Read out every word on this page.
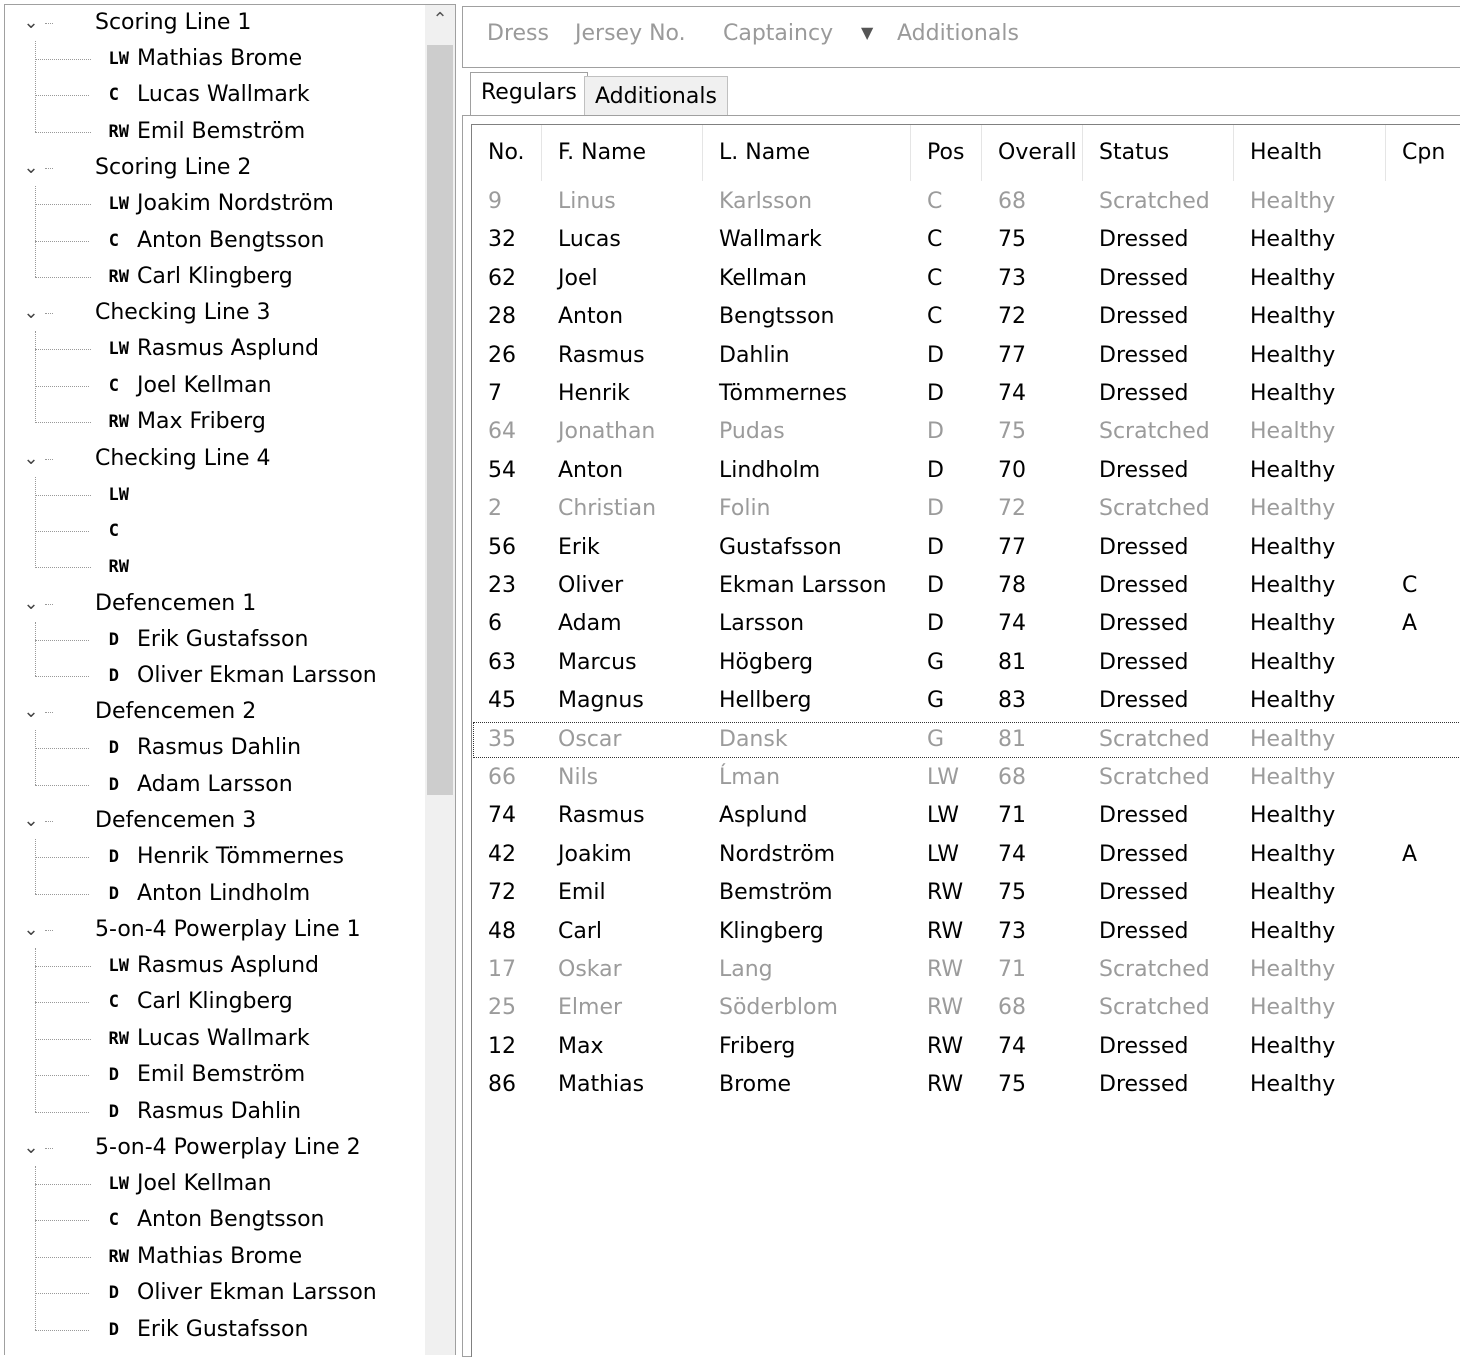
⌄	Scoring Line 1
LW Mathias Brome
C Lucas Wallmark
RW Emil Bemström
⌄	Scoring Line 2
LW Joakim Nordström
C Anton Bengtsson
RW Carl Klingberg
⌄	Checking Line 3
LW Rasmus Asplund
C Joel Kellman
RW Max Friberg
⌄	Checking Line 4
LW
C
RW
⌄	Defencemen 1
D Erik Gustafsson
D Oliver Ekman Larsson
⌄	Defencemen 2
D Rasmus Dahlin
D Adam Larsson
⌄	Defencemen 3
D Henrik Tömmernes
D Anton Lindholm
⌄	5-on-4 Powerplay Line 1
LW Rasmus Asplund
C Carl Klingberg
RW Lucas Wallmark
D Emil Bemström
D Rasmus Dahlin
⌄	5-on-4 Powerplay Line 2
LW Joel Kellman
C Anton Bengtsson
RW Mathias Brome
D Oliver Ekman Larsson
D Erik Gustafsson
⌃
Dress Jersey No. Captaincy ▼ Additionals
Regulars Additionals
No.	F. Name	L. Name	Pos	Overall	Status	Health	Cpn
9	Linus	Karlsson	C	68	Scratched	Healthy
32	Lucas	Wallmark	C	75	Dressed	Healthy
62	Joel	Kellman	C	73	Dressed	Healthy
28	Anton	Bengtsson	C	72	Dressed	Healthy
26	Rasmus	Dahlin	D	77	Dressed	Healthy
7	Henrik	Tömmernes	D	74	Dressed	Healthy
64	Jonathan	Pudas	D	75	Scratched	Healthy
54	Anton	Lindholm	D	70	Dressed	Healthy
2	Christian	Folin	D	72	Scratched	Healthy
56	Erik	Gustafsson	D	77	Dressed	Healthy
23	Oliver	Ekman Larsson	D	78	Dressed	Healthy	C
6	Adam	Larsson	D	74	Dressed	Healthy	A
63	Marcus	Högberg	G	81	Dressed	Healthy
45	Magnus	Hellberg	G	83	Dressed	Healthy
35	Oscar	Dansk	G	81	Scratched	Healthy
66	Nils	Ĺman	LW	68	Scratched	Healthy
74	Rasmus	Asplund	LW	71	Dressed	Healthy
42	Joakim	Nordström	LW	74	Dressed	Healthy	A
72	Emil	Bemström	RW	75	Dressed	Healthy
48	Carl	Klingberg	RW	73	Dressed	Healthy
17	Oskar	Lang	RW	71	Scratched	Healthy
25	Elmer	Söderblom	RW	68	Scratched	Healthy
12	Max	Friberg	RW	74	Dressed	Healthy
86	Mathias	Brome	RW	75	Dressed	Healthy
